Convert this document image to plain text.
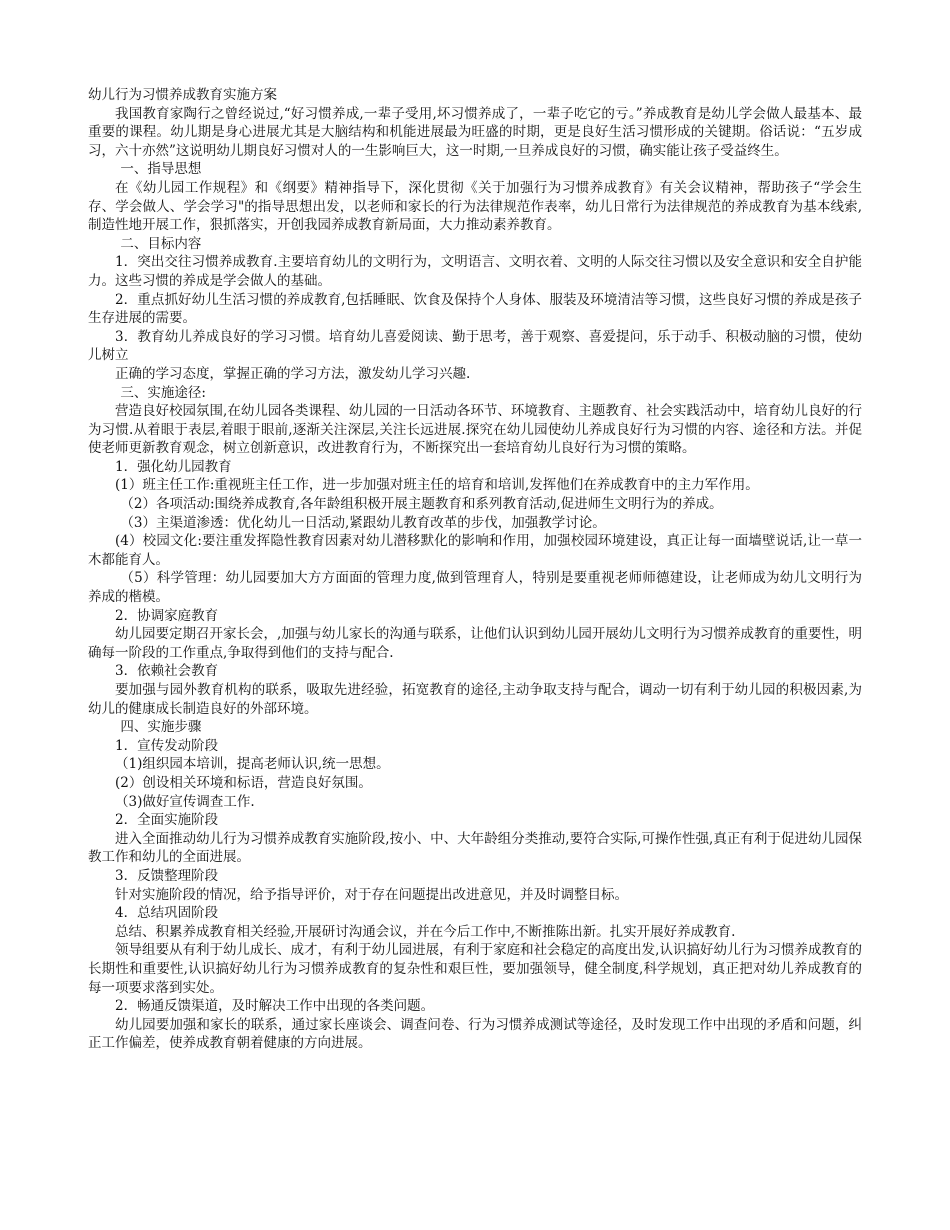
幼儿行为习惯养成教育实施方案

我国教育家陶行之曾经说过,“好习惯养成,一辈子受用,坏习惯养成了，一辈子吃它的亏。”养成教育是幼儿学会做人最基本、最重要的课程。幼儿期是身心进展尤其是大脑结构和机能进展最为旺盛的时期，更是良好生活习惯形成的关键期。俗话说：“五岁成习，六十亦然”这说明幼儿期良好习惯对人的一生影响巨大，这一时期,一旦养成良好的习惯，确实能让孩子受益终生。

一、指导思想

在《幼儿园工作规程》和《纲要》精神指导下，深化贯彻《关于加强行为习惯养成教育》有关会议精神，帮助孩子“学会生存、学会做人、学会学习"的指导思想出发，以老师和家长的行为法律规范作表率，幼儿日常行为法律规范的养成教育为基本线索,制造性地开展工作，狠抓落实，开创我园养成教育新局面，大力推动素养教育。

二、目标内容

1．突出交往习惯养成教育.主要培育幼儿的文明行为，文明语言、文明衣着、文明的人际交往习惯以及安全意识和安全自护能力。这些习惯的养成是学会做人的基础。

2．重点抓好幼儿生活习惯的养成教育,包括睡眠、饮食及保持个人身体、服装及环境清洁等习惯，这些良好习惯的养成是孩子生存进展的需要。

3．教育幼儿养成良好的学习习惯。培育幼儿喜爱阅读、勤于思考，善于观察、喜爱提问，乐于动手、积极动脑的习惯，使幼儿树立

正确的学习态度，掌握正确的学习方法，激发幼儿学习兴趣.

三、实施途径:

营造良好校园氛围,在幼儿园各类课程、幼儿园的一日活动各环节、环境教育、主题教育、社会实践活动中，培育幼儿良好的行为习惯.从着眼于表层,着眼于眼前,逐渐关注深层,关注长远进展.探究在幼儿园使幼儿养成良好行为习惯的内容、途径和方法。并促使老师更新教育观念，树立创新意识，改进教育行为，不断探究出一套培育幼儿良好行为习惯的策略。

1．强化幼儿园教育

(1）班主任工作:重视班主任工作，进一步加强对班主任的培育和培训,发挥他们在养成教育中的主力军作用。

（2）各项活动:围绕养成教育,各年龄组积极开展主题教育和系列教育活动,促进师生文明行为的养成。

（3）主渠道渗透：优化幼儿一日活动,紧跟幼儿教育改革的步伐，加强教学讨论。

(4）校园文化:要注重发挥隐性教育因素对幼儿潜移默化的影响和作用，加强校园环境建设，真正让每一面墙壁说话,让一草一木都能育人。

（5）科学管理：幼儿园要加大方方面面的管理力度,做到管理育人，特别是要重视老师师德建设，让老师成为幼儿文明行为养成的楷模。

2．协调家庭教育

幼儿园要定期召开家长会，,加强与幼儿家长的沟通与联系，让他们认识到幼儿园开展幼儿文明行为习惯养成教育的重要性，明确每一阶段的工作重点,争取得到他们的支持与配合.

3．依赖社会教育

要加强与园外教育机构的联系，吸取先进经验，拓宽教育的途径,主动争取支持与配合，调动一切有利于幼儿园的积极因素,为幼儿的健康成长制造良好的外部环境。

四、实施步骤

1．宣传发动阶段

（1)组织园本培训，提高老师认识,统一思想。

(2）创设相关环境和标语，营造良好氛围。

（3)做好宣传调查工作.

2．全面实施阶段

进入全面推动幼儿行为习惯养成教育实施阶段,按小、中、大年龄组分类推动,要符合实际,可操作性强,真正有利于促进幼儿园保教工作和幼儿的全面进展。

3．反馈整理阶段

针对实施阶段的情况，给予指导评价，对于存在问题提出改进意见，并及时调整目标。

4．总结巩固阶段

总结、积累养成教育相关经验,开展研讨沟通会议，并在今后工作中,不断推陈出新。扎实开展好养成教育.

领导组要从有利于幼儿成长、成才，有利于幼儿园进展，有利于家庭和社会稳定的高度出发,认识搞好幼儿行为习惯养成教育的长期性和重要性,认识搞好幼儿行为习惯养成教育的复杂性和艰巨性，要加强领导，健全制度,科学规划，真正把对幼儿养成教育的每一项要求落到实处。

2．畅通反馈渠道，及时解决工作中出现的各类问题。

幼儿园要加强和家长的联系，通过家长座谈会、调查问卷、行为习惯养成测试等途径，及时发现工作中出现的矛盾和问题，纠正工作偏差，使养成教育朝着健康的方向进展。
